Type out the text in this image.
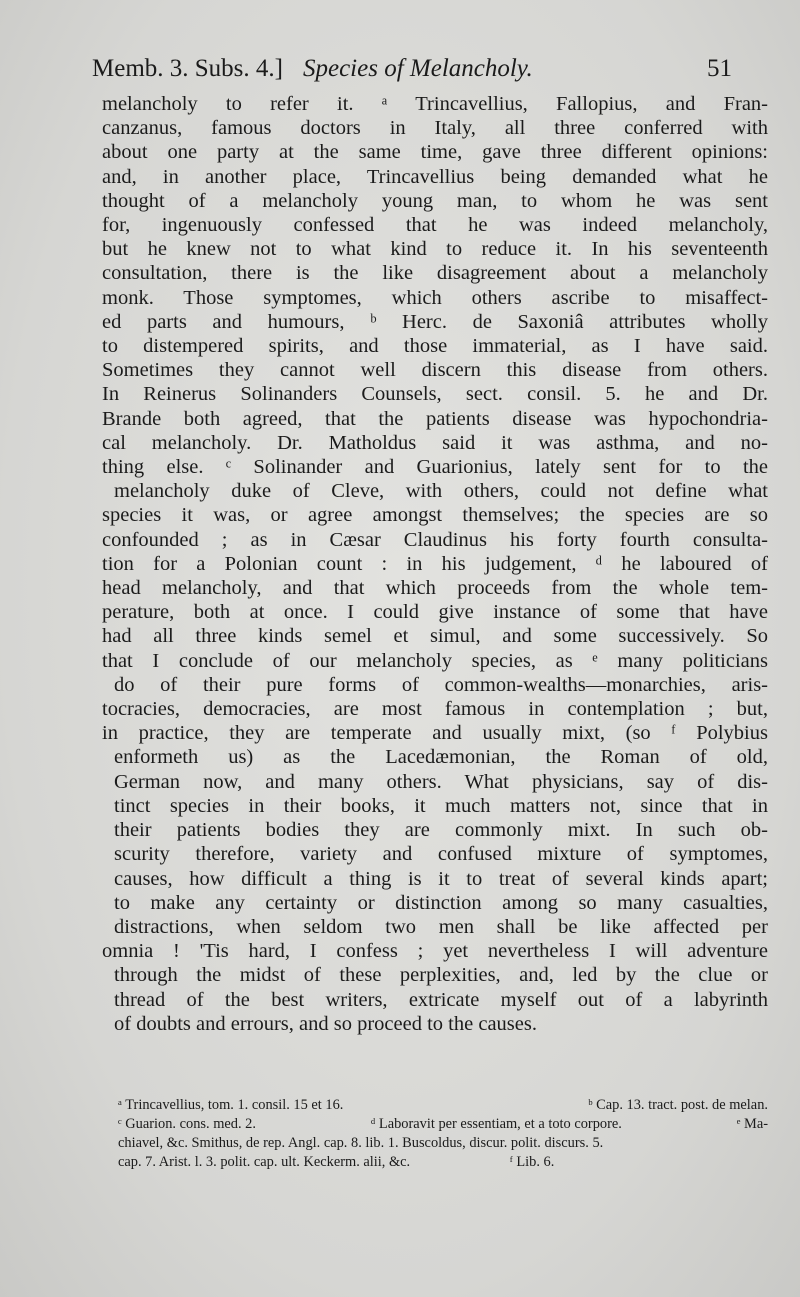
Memb. 3. Subs. 4.] Species of Melancholy.	51
melancholy to refer it. ᵃ Trincavellius, Fallopius, and Fran-
canzanus, famous doctors in Italy, all three conferred with
about one party at the same time, gave three different opinions:
and, in another place, Trincavellius being demanded what he
thought of a melancholy young man, to whom he was sent
for, ingenuously confessed that he was indeed melancholy,
but he knew not to what kind to reduce it. In his seventeenth
consultation, there is the like disagreement about a melancholy
monk. Those symptomes, which others ascribe to misaffect-
ed parts and humours, ᵇ Herc. de Saxoniâ attributes wholly
to distempered spirits, and those immaterial, as I have said.
Sometimes they cannot well discern this disease from others.
In Reinerus Solinanders Counsels, sect. consil. 5. he and Dr.
Brande both agreed, that the patients disease was hypochondria-
cal melancholy. Dr. Matholdus said it was asthma, and no-
thing else. ᶜ Solinander and Guarionius, lately sent for to the
melancholy duke of Cleve, with others, could not define what
species it was, or agree amongst themselves; the species are so
confounded ; as in Cæsar Claudinus his forty fourth consulta-
tion for a Polonian count : in his judgement, ᵈ he laboured of
head melancholy, and that which proceeds from the whole tem-
perature, both at once. I could give instance of some that have
had all three kinds semel et simul, and some successively. So
that I conclude of our melancholy species, as ᵉ many politicians
do of their pure forms of common-wealths—monarchies, aris-
tocracies, democracies, are most famous in contemplation ; but,
in practice, they are temperate and usually mixt, (so ᶠ Polybius
enformeth us) as the Lacedæmonian, the Roman of old,
German now, and many others. What physicians, say of dis-
tinct species in their books, it much matters not, since that in
their patients bodies they are commonly mixt. In such ob-
scurity therefore, variety and confused mixture of symptomes,
causes, how difficult a thing is it to treat of several kinds apart;
to make any certainty or distinction among so many casualties,
distractions, when seldom two men shall be like affected per
omnia ! 'Tis hard, I confess ; yet nevertheless I will adventure
through the midst of these perplexities, and, led by the clue or
thread of the best writers, extricate myself out of a labyrinth
of doubts and errours, and so proceed to the causes.
ᵃ Trincavellius, tom. 1. consil. 15 et 16.	ᵇ Cap. 13. tract. post. de melan.
ᶜ Guarion. cons. med. 2.	ᵈ Laboravit per essentiam, et a toto corpore.	ᵉ Ma-
chiavel, &c. Smithus, de rep. Angl. cap. 8. lib. 1. Buscoldus, discur. polit. discurs. 5.
cap. 7. Arist. l. 3. polit. cap. ult. Keckerm. alii, &c.	ᶠ Lib. 6.
